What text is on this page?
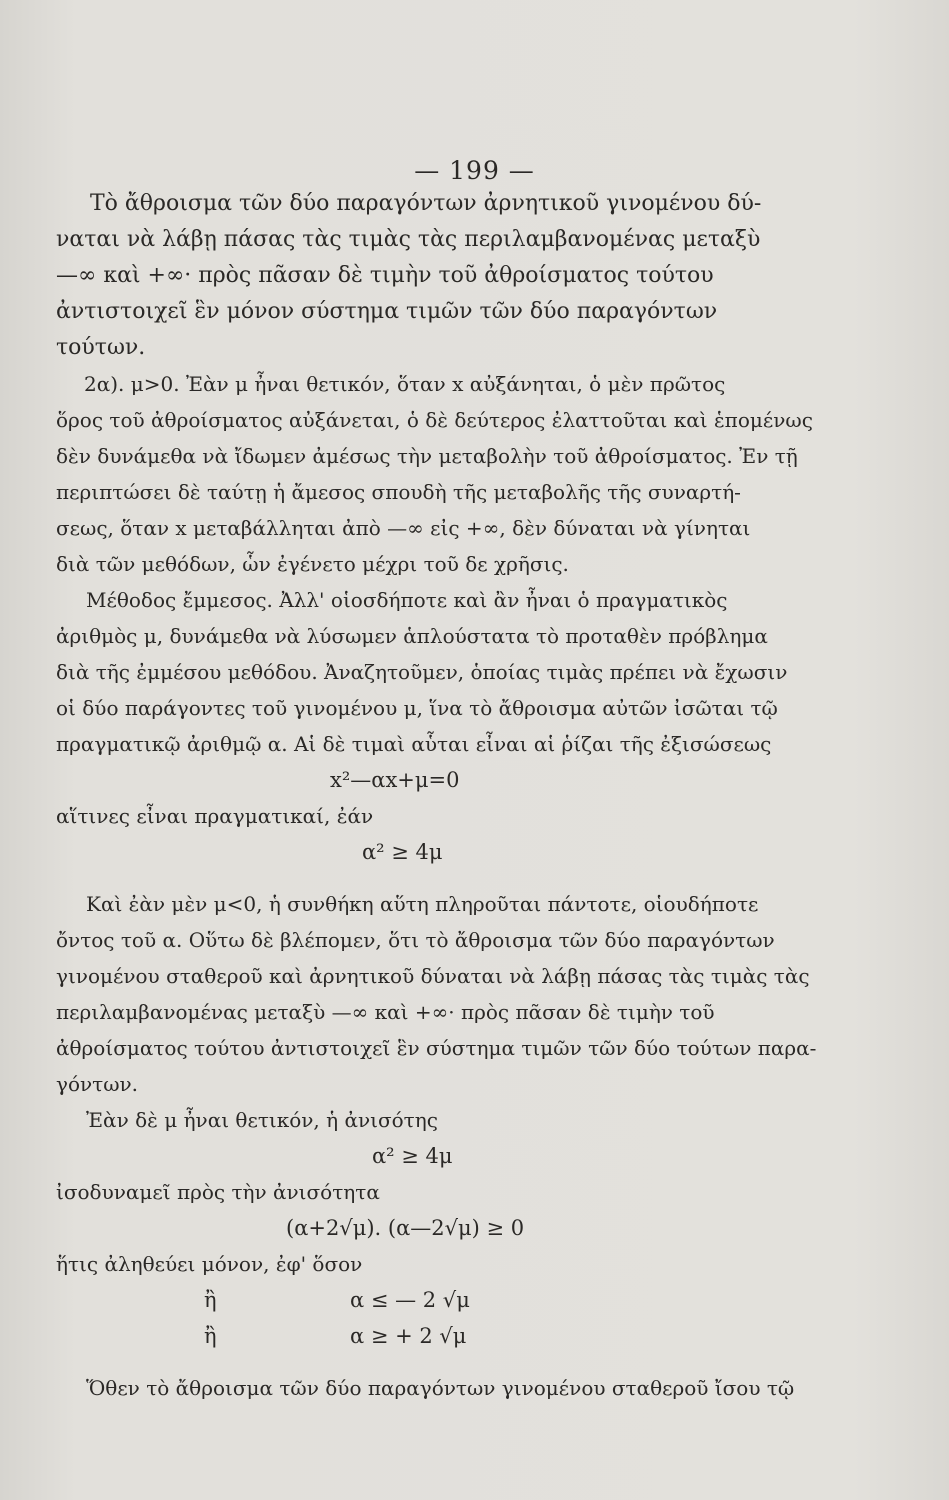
— 199 —
Τὸ ἄθροισμα τῶν δύο παραγόντων ἀρνητικοῦ γινομένου δύ-
ναται νὰ λάβῃ πάσας τὰς τιμὰς τὰς περιλαμβανομένας μεταξὺ
—∞ καὶ +∞· πρὸς πᾶσαν δὲ τιμὴν τοῦ ἀθροίσματος τούτου
ἀντιστοιχεῖ ἓν μόνον σύστημα τιμῶν τῶν δύο παραγόντων
τούτων.
2α). μ>0. Ἐὰν μ ἦναι θετικόν, ὅταν x αὐξάνηται, ὁ μὲν πρῶτος
ὅρος τοῦ ἀθροίσματος αὐξάνεται, ὁ δὲ δεύτερος ἐλαττοῦται καὶ ἑπομένως
δὲν δυνάμεθα νὰ ἴδωμεν ἀμέσως τὴν μεταβολὴν τοῦ ἀθροίσματος. Ἐν τῇ
περιπτώσει δὲ ταύτῃ ἡ ἄμεσος σπουδὴ τῆς μεταβολῆς τῆς συναρτή-
σεως, ὅταν x μεταβάλληται ἀπὸ —∞ εἰς +∞, δὲν δύναται νὰ γίνηται
διὰ τῶν μεθόδων, ὧν ἐγένετο μέχρι τοῦ δε χρῆσις.
Μέθοδος ἔμμεσος. Ἀλλ' οἱοσδήποτε καὶ ἂν ἦναι ὁ πραγματικὸς
ἀριθμὸς μ, δυνάμεθα νὰ λύσωμεν ἁπλούστατα τὸ προταθὲν πρόβλημα
διὰ τῆς ἐμμέσου μεθόδου. Ἀναζητοῦμεν, ὁποίας τιμὰς πρέπει νὰ ἔχωσιν
οἱ δύο παράγοντες τοῦ γινομένου μ, ἵνα τὸ ἄθροισμα αὐτῶν ἰσῶται τῷ
πραγματικῷ ἀριθμῷ α. Αἱ δὲ τιμαὶ αὗται εἶναι αἱ ῥίζαι τῆς ἐξισώσεως
x²—αx+μ=0
αἵτινες εἶναι πραγματικαί, ἐάν
α² ≥ 4μ
Καὶ ἐὰν μὲν μ<0, ἡ συνθήκη αὕτη πληροῦται πάντοτε, οἱουδήποτε
ὄντος τοῦ α. Οὕτω δὲ βλέπομεν, ὅτι τὸ ἄθροισμα τῶν δύο παραγόντων
γινομένου σταθεροῦ καὶ ἀρνητικοῦ δύναται νὰ λάβῃ πάσας τὰς τιμὰς τὰς
περιλαμβανομένας μεταξὺ —∞ καὶ +∞· πρὸς πᾶσαν δὲ τιμὴν τοῦ
ἀθροίσματος τούτου ἀντιστοιχεῖ ἓν σύστημα τιμῶν τῶν δύο τούτων παρα-
γόντων.
Ἐὰν δὲ μ ἦναι θετικόν, ἡ ἀνισότης
α² ≥ 4μ
ἰσοδυναμεῖ πρὸς τὴν ἀνισότητα
(α+2√μ). (α—2√μ) ≥ 0
ἥτις ἀληθεύει μόνον, ἐφ' ὅσον
ἢ	α ≤ — 2 √μ
ἢ	α ≥ + 2 √μ
Ὅθεν τὸ ἄθροισμα τῶν δύο παραγόντων γινομένου σταθεροῦ ἴσου τῷ
